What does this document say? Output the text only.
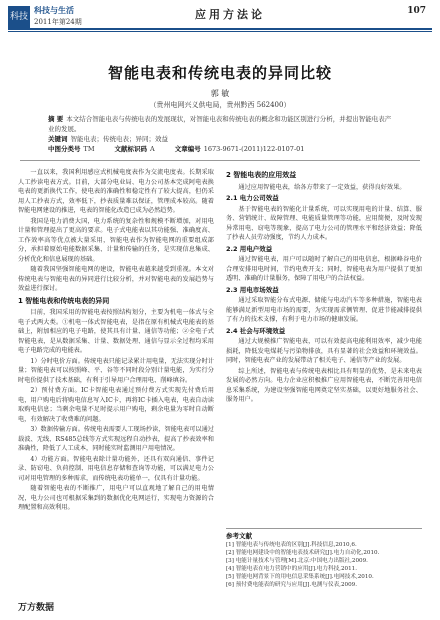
科技
科技与生活
2011年第24期
应用方法论	107
智能电表和传统电表的异同比较
郭 敏
（贵州电网兴义供电局，贵州黔西 562400）
摘 要 本文结合智能电表与传统电表的发展现状，对智能电表和传统电表的概念和功能区别进行分析，并提出智能电表产业的发展。
关键词 智能电表；传统电表；异同；效益
中图分类号 TM	文献标识码 A	文章编号 1673-9671-(2011)122-0107-01

一直以来，我国利用感应式机械电度表作为交流电度表。长期采取人工抄读电表方式。目前，大部分电业局、电力公司基本完成阿电表换电表的更新换代工作，使电表的准确性和稳定性有了较大提高，但仍采用人工抄表方式，效率低下，抄表质量难以保证，管理成本较高。随着智能电网建设的推进，电表的智能化改造已成为必然趋势。

我国是电力消费大国，电力系统的复杂性和规模不断增加，对用电计量和管理提出了更高的要求。电子式电能表以其功能强、准确度高、工作效率高等优点被大量采用，智能电表作为智能电网的重要组成部分，承担着原始电能数据采集、计量和传输的任务，是实现信息集成、分析优化和信息展现的基础。

随着我国坚强智能电网的建设，智能电表越来越受到重视。本文对传统电表与智能电表的异同进行比较分析，并对智能电表的发展趋势与效益进行探讨。

1 智能电表和传统电表的异同

目前，我国采用的智能电表按照结构划分，主要为机电一体式与全电子式两大类。①机电一体式智能电表，是指在原有机械式电能表的基础上，附加相应的电子电路，使其具有计量、通信等功能；②全电子式智能电表，是从数据采集、计量、数据处理、通信与显示全过程均采用电子电路完成的电能表。

1）分时电价方面。传统电表只能记录累计用电量，无法实现分时计量；智能电表可以按照峰、平、谷等不同时段分别计量电能，为实行分时电价提供了技术基础，有利于引导用户合理用电、削峰填谷。

2）预付费方面。IC卡智能电表通过预付费方式实现先付费后用电，用户购电后将购电信息写入IC卡，再将IC卡插入电表，电表自动读取购电信息；当剩余电量不足时提示用户购电，剩余电量为零时自动断电，有效解决了收费难的问题。

3）数据传输方面。传统电表需要人工现场抄读，智能电表可以通过载波、无线、RS485总线等方式实现远程自动抄表，提高了抄表效率和准确性，降低了人工成本，同时能实时监测用户用电情况。

4）功能方面。智能电表除计量功能外，还具有双向通信、事件记录、防窃电、负荷控制、用电信息存储和查询等功能，可以满足电力公司对用电管理的多种需求，而传统电表功能单一，仅具有计量功能。

随着智能电表的不断推广，用电户可以直观地了解自己的用电情况，电力公司也可根据采集到的数据优化电网运行，实现电力资源的合理配置和高效利用。

2 智能电表的应用效益

通过应用智能电表，给各方带来了一定效益，获得良好效果。

2.1 电力公司效益

基于智能电表的智能化计量系统，可以实现用电的计量、结算、服务、营销统计、故障管理、电能质量管理等功能，应用简便，及时发现异常用电、窃电等现象，提高了电力公司的管理水平和经济效益；降低了抄表人员劳动强度，节约人力成本。

2.2 用电户效益

通过智能电表，用户可以随时了解自己的用电信息，根据峰谷电价合理安排用电时间，节约电费开支；同时，智能电表为用户提供了更加透明、准确的计量服务，保障了用电户的合法权益。

2.3 用电市场效益

通过采取智能分布式电源、储能与电动汽车等多种措施，智能电表能够满足新型用电市场的需要，为实现需求侧管理、促进节能减排提供了有力的技术支撑，有利于电力市场的健康发展。

2.4 社会与环境效益

通过大规模推广智能电表，可以有效提高电能利用效率，减少电能损耗，降低发电煤耗与污染物排放，具有显著的社会效益和环境效益。同时，智能电表产业的发展带动了相关电子、通信等产业的发展。

综上所述，智能电表与传统电表相比具有明显的优势，是未来电表发展的必然方向。电力企业应积极推广应用智能电表，不断完善用电信息采集系统，为建设坚强智能电网奠定坚实基础，以更好地服务社会、服务用户。

参考文献
[1] 智能电表与传统电表的区别[J].科技信息,2010,6.
[2] 智能电网建设中的智能电表技术研究[J].电力自动化,2010.
[3] 电能计量技术与管理[M].北京:中国电力出版社,2009.
[4] 智能电表在电力营销中的应用[J].电力科技,2011.
[5] 智能电网背景下的用电信息采集系统[J].电网技术,2010.
[6] 预付费电能表的研究与应用[J].电测与仪表,2009.
万方数据
